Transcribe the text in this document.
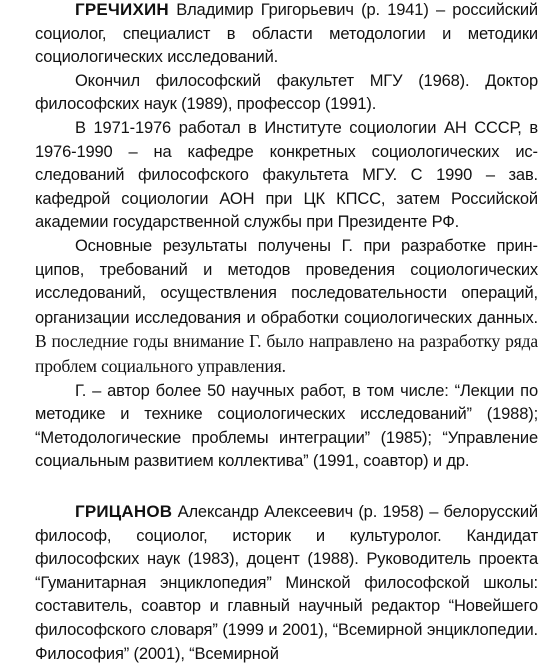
ГРЕЧИХИН Владимир Григорьевич (р. 1941) – российский социолог, специалист в области методологии и методики социологических исследований.

Окончил философский факультет МГУ (1968). Доктор философских наук (1989), профессор (1991).

В 1971-1976 работал в Институте социологии АН СССР, в 1976-1990 – на кафедре конкретных социологических исследований философского факультета МГУ. С 1990 – зав. кафедрой социологии АОН при ЦК КПСС, затем Российской академии государственной службы при Президенте РФ.

Основные результаты получены Г. при разработке принципов, требований и методов проведения социологических исследований, осуществления последовательности операций, организации исследования и обработки социологических данных. В последние годы внимание Г. было направлено на разработку ряда проблем социального управления.

Г. – автор более 50 научных работ, в том числе: “Лекции по методике и технике социологических исследований” (1988); “Методологические проблемы интеграции” (1985); “Управление социальным развитием коллектива” (1991, соавтор) и др.

ГРИЦАНОВ Александр Алексеевич (р. 1958) – белорусский философ, социолог, историк и культуролог. Кандидат философских наук (1983), доцент (1988). Руководитель проекта “Гуманитарная энциклопедия” Минской философской школы: составитель, соавтор и главный научный редактор “Новейшего философского словаря” (1999 и 2001), “Всемирной энциклопедии. Философия” (2001), “Всемирной
